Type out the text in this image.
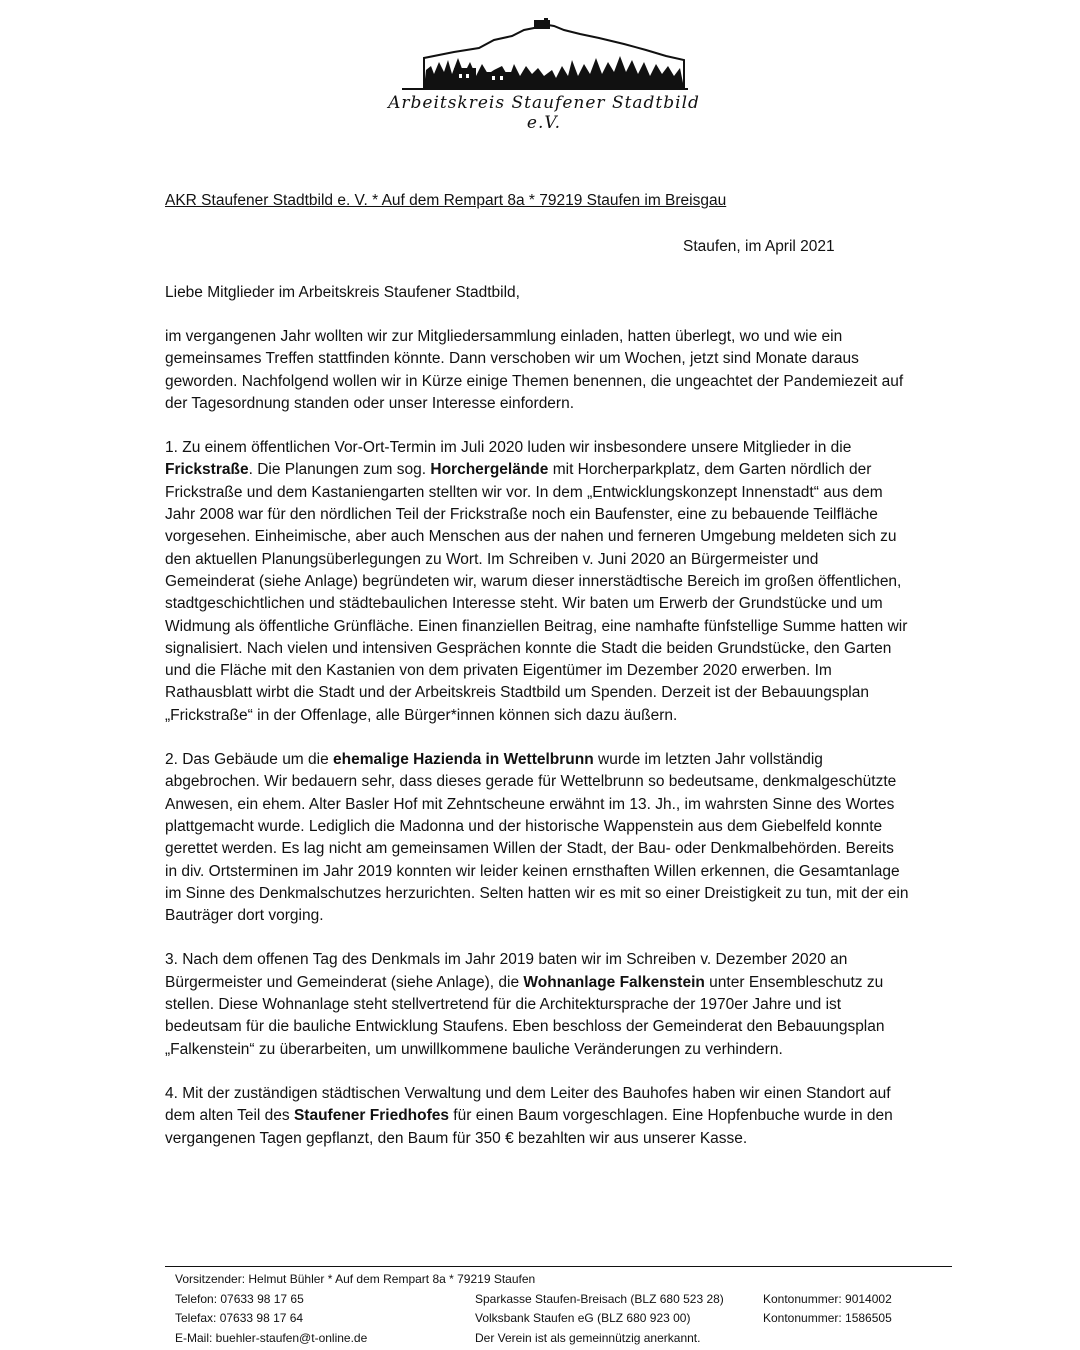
Arbeitskreis Staufener Stadtbild e.V.
AKR Staufener Stadtbild e. V. * Auf dem Rempart 8a * 79219 Staufen im Breisgau
Staufen, im April 2021
Liebe Mitglieder im Arbeitskreis Staufener Stadtbild,

im vergangenen Jahr wollten wir zur Mitgliedersammlung einladen, hatten überlegt, wo und wie ein gemeinsames Treffen stattfinden könnte. Dann verschoben wir um Wochen, jetzt sind Monate daraus geworden. Nachfolgend wollen wir in Kürze einige Themen benennen, die ungeachtet der Pandemiezeit auf der Tagesordnung standen oder unser Interesse einfordern.

1. Zu einem öffentlichen Vor-Ort-Termin im Juli 2020 luden wir insbesondere unsere Mitglieder in die Frickstraße. Die Planungen zum sog. Horchergelände mit Horcherparkplatz, dem Garten nördlich der Frickstraße und dem Kastaniengarten stellten wir vor. In dem „Entwicklungskonzept Innenstadt“ aus dem Jahr 2008 war für den nördlichen Teil der Frickstraße noch ein Baufenster, eine zu bebauende Teilfläche vorgesehen. Einheimische, aber auch Menschen aus der nahen und ferneren Umgebung meldeten sich zu den aktuellen Planungsüberlegungen zu Wort. Im Schreiben v. Juni 2020 an Bürgermeister und Gemeinderat (siehe Anlage) begründeten wir, warum dieser innerstädtische Bereich im großen öffentlichen, stadtgeschichtlichen und städtebaulichen Interesse steht. Wir baten um Erwerb der Grundstücke und um Widmung als öffentliche Grünfläche. Einen finanziellen Beitrag, eine namhafte fünfstellige Summe hatten wir signalisiert. Nach vielen und intensiven Gesprächen konnte die Stadt die beiden Grundstücke, den Garten und die Fläche mit den Kastanien von dem privaten Eigentümer im Dezember 2020 erwerben. Im Rathausblatt wirbt die Stadt und der Arbeitskreis Stadtbild um Spenden. Derzeit ist der Bebauungsplan „Frickstraße“ in der Offenlage, alle Bürger*innen können sich dazu äußern.

2. Das Gebäude um die ehemalige Hazienda in Wettelbrunn wurde im letzten Jahr vollständig abgebrochen. Wir bedauern sehr, dass dieses gerade für Wettelbrunn so bedeutsame, denkmalgeschützte Anwesen, ein ehem. Alter Basler Hof mit Zehntscheune erwähnt im 13. Jh., im wahrsten Sinne des Wortes plattgemacht wurde. Lediglich die Madonna und der historische Wappenstein aus dem Giebelfeld konnte gerettet werden. Es lag nicht am gemeinsamen Willen der Stadt, der Bau- oder Denkmalbehörden. Bereits in div. Ortsterminen im Jahr 2019 konnten wir leider keinen ernsthaften Willen erkennen, die Gesamtanlage im Sinne des Denkmalschutzes herzurichten. Selten hatten wir es mit so einer Dreistigkeit zu tun, mit der ein Bauträger dort vorging.

3. Nach dem offenen Tag des Denkmals im Jahr 2019 baten wir im Schreiben v. Dezember 2020 an Bürgermeister und Gemeinderat (siehe Anlage), die Wohnanlage Falkenstein unter Ensembleschutz zu stellen. Diese Wohnanlage steht stellvertretend für die Architektursprache der 1970er Jahre und ist bedeutsam für die bauliche Entwicklung Staufens. Eben beschloss der Gemeinderat den Bebauungsplan „Falkenstein“ zu überarbeiten, um unwillkommene bauliche Veränderungen zu verhindern.

4. Mit der zuständigen städtischen Verwaltung und dem Leiter des Bauhofes haben wir einen Standort auf dem alten Teil des Staufener Friedhofes für einen Baum vorgeschlagen. Eine Hopfenbuche wurde in den vergangenen Tagen gepflanzt, den Baum für 350 € bezahlten wir aus unserer Kasse.

Vorsitzender: Helmut Bühler * Auf dem Rempart 8a * 79219 Staufen
Telefon: 07633 98 17 65
Telefax: 07633 98 17 64
E-Mail: buehler-staufen@t-online.de
Sparkasse Staufen-Breisach (BLZ 680 523 28)	Kontonummer: 9014002
Volksbank Staufen eG (BLZ 680 923 00)	Kontonummer: 1586505
Der Verein ist als gemeinnützig anerkannt.
